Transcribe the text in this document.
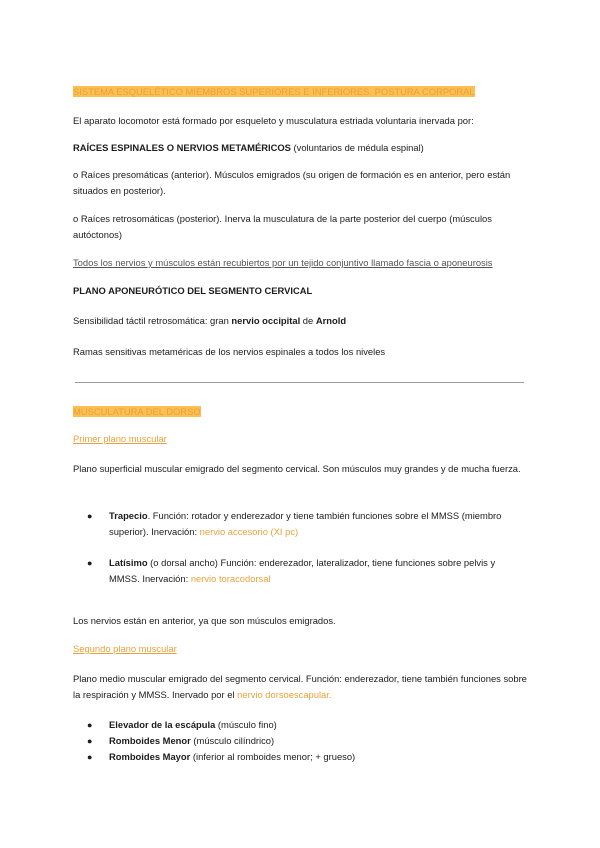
SISTEMA ESQUELÉTICO MIEMBROS SUPERIORES E INFERIORES. POSTURA CORPORAL

El aparato locomotor está formado por esqueleto y musculatura estriada voluntaria inervada por:

RAÍCES ESPINALES O NERVIOS METAMÉRICOS (voluntarios de médula espinal)

o Raíces presomáticas (anterior). Músculos emigrados (su origen de formación es en anterior, pero están situados en posterior).

o Raíces retrosomáticas (posterior). Inerva la musculatura de la parte posterior del cuerpo (músculos autóctonos)

Todos los nervios y músculos están recubiertos por un tejido conjuntivo llamado fascia o aponeurosis

PLANO APONEURÓTICO DEL SEGMENTO CERVICAL

Sensibilidad táctil retrosomática: gran nervio occipital de Arnold

Ramas sensitivas metaméricas de los nervios espinales a todos los niveles

MUSCULATURA DEL DORSO

Primer plano muscular

Plano superficial muscular emigrado del segmento cervical. Son músculos muy grandes y de mucha fuerza.

● Trapecio. Función: rotador y enderezador y tiene también funciones sobre el MMSS (miembro superior). Inervación: nervio accesorio (XI pc)
● Latísimo (o dorsal ancho) Función: enderezador, lateralizador, tiene funciones sobre pelvis y MMSS. Inervación: nervio toracodorsal

Los nervios están en anterior, ya que son músculos emigrados.

Segundo plano muscular

Plano medio muscular emigrado del segmento cervical. Función: enderezador, tiene también funciones sobre la respiración y MMSS. Inervado por el nervio dorsoescapular.

● Elevador de la escápula (músculo fino)
● Romboides Menor (músculo cilíndrico)
● Romboides Mayor (inferior al romboides menor; + grueso)
